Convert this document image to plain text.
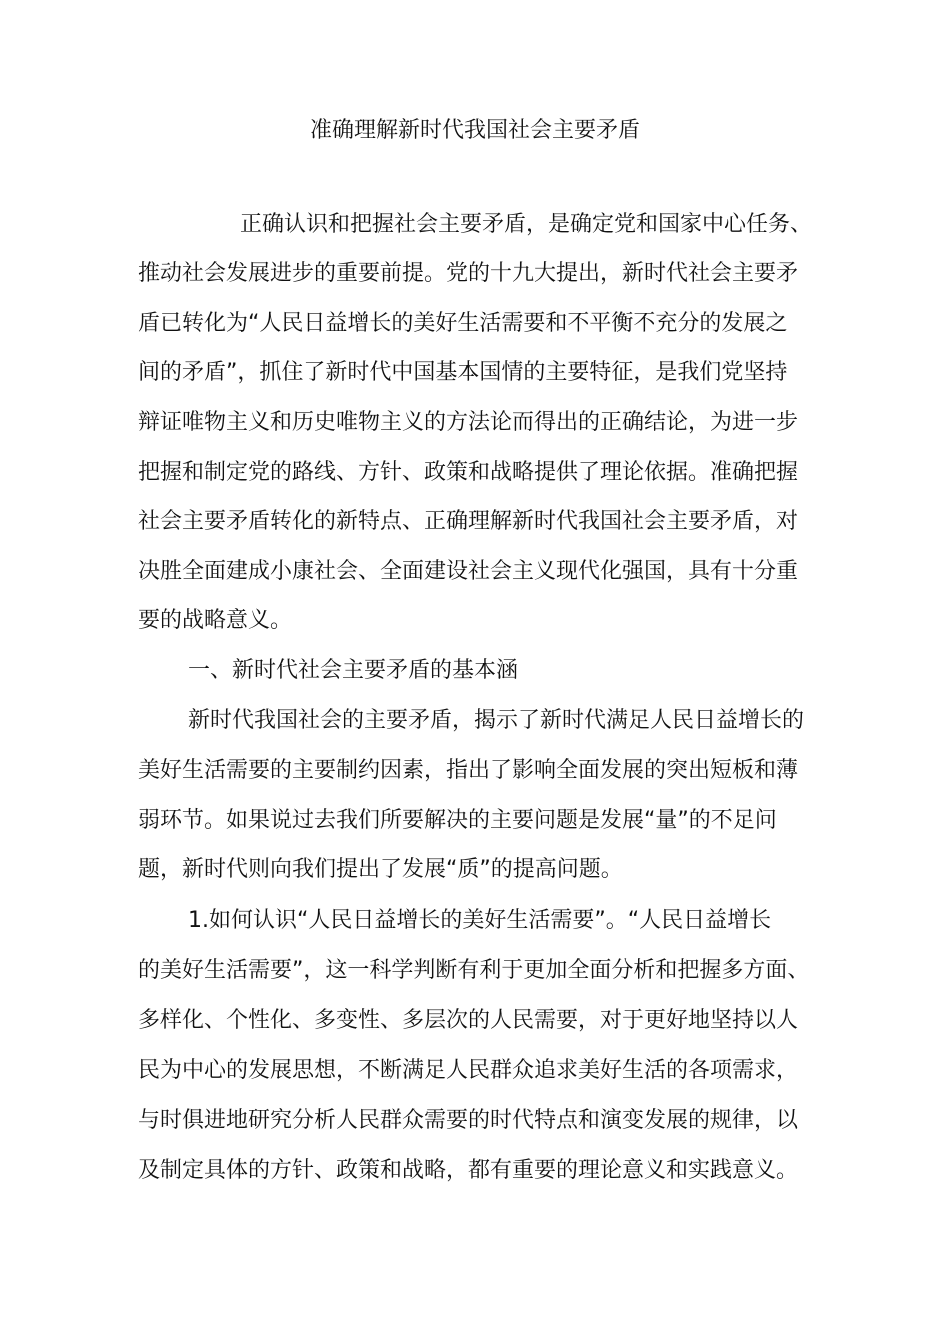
准确理解新时代我国社会主要矛盾
正确认识和把握社会主要矛盾，是确定党和国家中心任务、
推动社会发展进步的重要前提。党的十九大提出，新时代社会主要矛
盾已转化为“人民日益增长的美好生活需要和不平衡不充分的发展之
间的矛盾”，抓住了新时代中国基本国情的主要特征，是我们党坚持
辩证唯物主义和历史唯物主义的方法论而得出的正确结论，为进一步
把握和制定党的路线、方针、政策和战略提供了理论依据。准确把握
社会主要矛盾转化的新特点、正确理解新时代我国社会主要矛盾，对
决胜全面建成小康社会、全面建设社会主义现代化强国，具有十分重
要的战略意义。
一、新时代社会主要矛盾的基本涵
新时代我国社会的主要矛盾，揭示了新时代满足人民日益增长的
美好生活需要的主要制约因素，指出了影响全面发展的突出短板和薄
弱环节。如果说过去我们所要解决的主要问题是发展“量”的不足问
题，新时代则向我们提出了发展“质”的提高问题。
1.如何认识“人民日益增长的美好生活需要”。“人民日益增长
的美好生活需要”，这一科学判断有利于更加全面分析和把握多方面、
多样化、个性化、多变性、多层次的人民需要，对于更好地坚持以人
民为中心的发展思想，不断满足人民群众追求美好生活的各项需求，
与时俱进地研究分析人民群众需要的时代特点和演变发展的规律，以
及制定具体的方针、政策和战略，都有重要的理论意义和实践意义。
